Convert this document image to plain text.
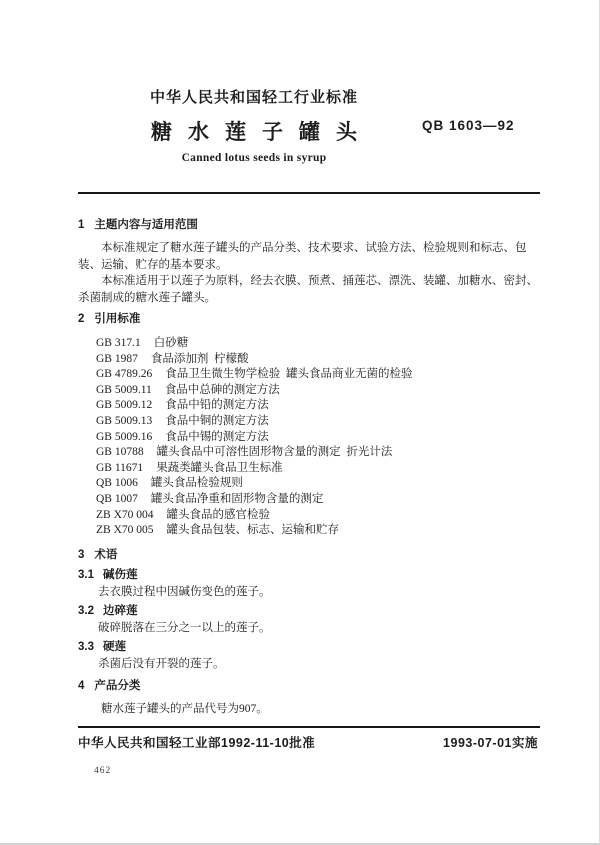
中华人民共和国轻工行业标准
糖水莲子罐头	QB 1603—92
Canned lotus seeds in syrup
1 主题内容与适用范围

本标准规定了糖水莲子罐头的产品分类、技术要求、试验方法、检验规则和标志、包装、运输、贮存的基本要求。

本标准适用于以莲子为原料，经去衣膜、预煮、捅莲芯、漂洗、装罐、加糖水、密封、杀菌制成的糖水莲子罐头。

2 引用标准
GB 317.1 白砂糖
GB 1987 食品添加剂  柠檬酸
GB 4789.26 食品卫生微生物学检验  罐头食品商业无菌的检验
GB 5009.11 食品中总砷的测定方法
GB 5009.12 食品中铅的测定方法
GB 5009.13 食品中铜的测定方法
GB 5009.16 食品中锡的测定方法
GB 10788 罐头食品中可溶性固形物含量的测定  折光计法
GB 11671 果蔬类罐头食品卫生标准
QB 1006 罐头食品检验规则
QB 1007 罐头食品净重和固形物含量的测定
ZB X70 004 罐头食品的感官检验
ZB X70 005 罐头食品包装、标志、运输和贮存
3 术语
3.1 碱伤莲

去衣膜过程中因碱伤变色的莲子。

3.2 边碎莲

破碎脱落在三分之一以上的莲子。

3.3 硬莲

杀菌后没有开裂的莲子。

4 产品分类

糖水莲子罐头的产品代号为907。

中华人民共和国轻工业部1992-11-10批准	1993-07-01实施
462
